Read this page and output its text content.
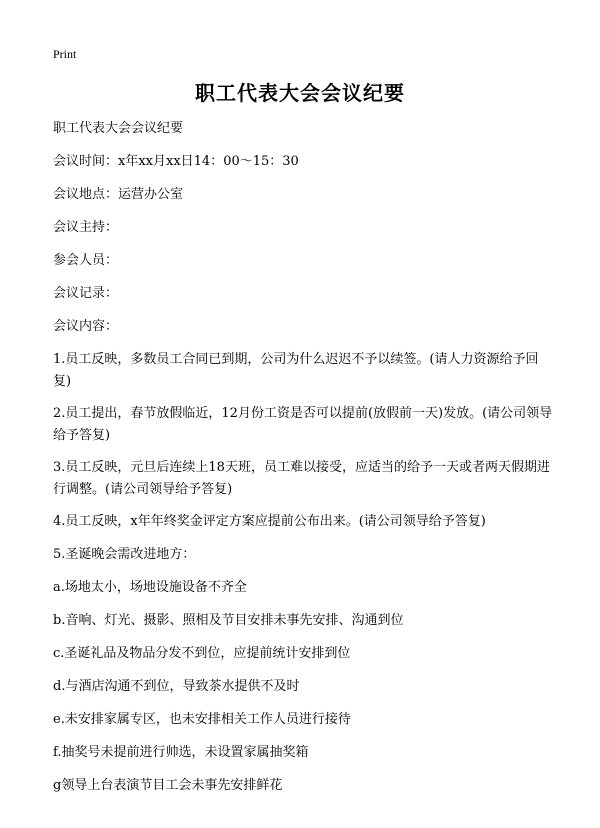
Print
职工代表大会会议纪要
职工代表大会会议纪要
会议时间：x年xx月xx日14：00～15：30
会议地点：运营办公室
会议主持：
参会人员：
会议记录：
会议内容：
1.员工反映，多数员工合同已到期，公司为什么迟迟不予以续签。(请人力资源给予回复)
2.员工提出，春节放假临近，12月份工资是否可以提前(放假前一天)发放。(请公司领导给予答复)
3.员工反映，元旦后连续上18天班，员工难以接受，应适当的给予一天或者两天假期进行调整。(请公司领导给予答复)
4.员工反映，x年年终奖金评定方案应提前公布出来。(请公司领导给予答复)
5.圣诞晚会需改进地方：
a.场地太小，场地设施设备不齐全
b.音响、灯光、摄影、照相及节目安排未事先安排、沟通到位
c.圣诞礼品及物品分发不到位，应提前统计安排到位
d.与酒店沟通不到位，导致茶水提供不及时
e.未安排家属专区，也未安排相关工作人员进行接待
f.抽奖号未提前进行帅选，未设置家属抽奖箱
g领导上台表演节目工会未事先安排鲜花
